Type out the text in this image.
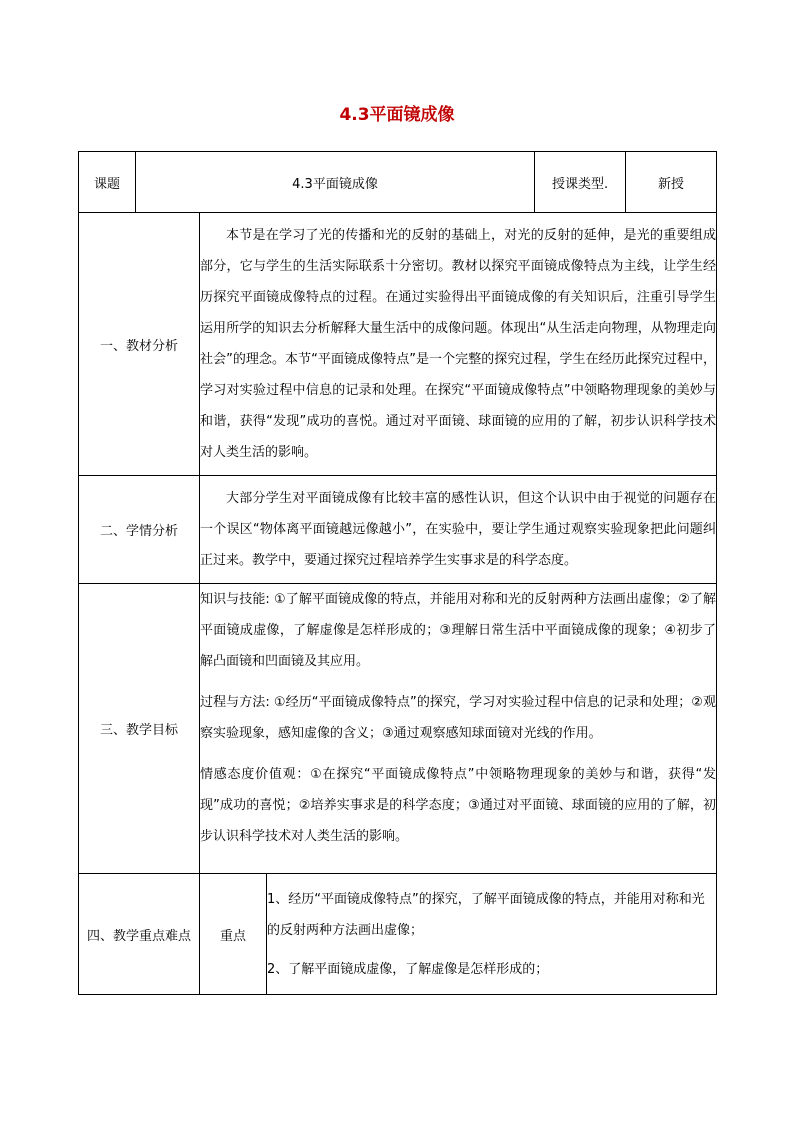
4.3平面镜成像
课题	4.3平面镜成像			授课类型.	新授
一、教材分析		本节是在学习了光的传播和光的反射的基础上，对光的反射的延伸，是光的重要组成部分，它与学生的生活实际联系十分密切。教材以探究平面镜成像特点为主线，让学生经历探究平面镜成像特点的过程。在通过实验得出平面镜成像的有关知识后，注重引导学生运用所学的知识去分析解释大量生活中的成像问题。体现出“从生活走向物理，从物理走向社会”的理念。本节“平面镜成像特点”是一个完整的探究过程，学生在经历此探究过程中，学习对实验过程中信息的记录和处理。在探究“平面镜成像特点”中领略物理现象的美妙与和谐，获得“发现”成功的喜悦。通过对平面镜、球面镜的应用的了解，初步认识科学技术对人类生活的影响。			
二、学情分析		大部分学生对平面镜成像有比较丰富的感性认识，但这个认识中由于视觉的问题存在一个误区“物体离平面镜越远像越小”，在实验中，要让学生通过观察实验现象把此问题纠正过来。教学中，要通过探究过程培养学生实事求是的科学态度。			
三、教学目标		知识与技能: ①了解平面镜成像的特点，并能用对称和光的反射两种方法画出虚像；②了解平面镜成虚像，了解虚像是怎样形成的；③理解日常生活中平面镜成像的现象；④初步了解凸面镜和凹面镜及其应用。

过程与方法: ①经历“平面镜成像特点”的探究，学习对实验过程中信息的记录和处理；②观察实验现象，感知虚像的含义；③通过观察感知球面镜对光线的作用。

情感态度价值观：①在探究“平面镜成像特点”中领略物理现象的美妙与和谐，获得“发现”成功的喜悦；②培养实事求是的科学态度；③通过对平面镜、球面镜的应用的了解，初步认识科学技术对人类生活的影响。			

四、教学重点难点		重点	1、经历“平面镜成像特点”的探究，了解平面镜成像的特点，并能用对称和光的反射两种方法画出虚像；

2、了解平面镜成虚像，了解虚像是怎样形成的；		
